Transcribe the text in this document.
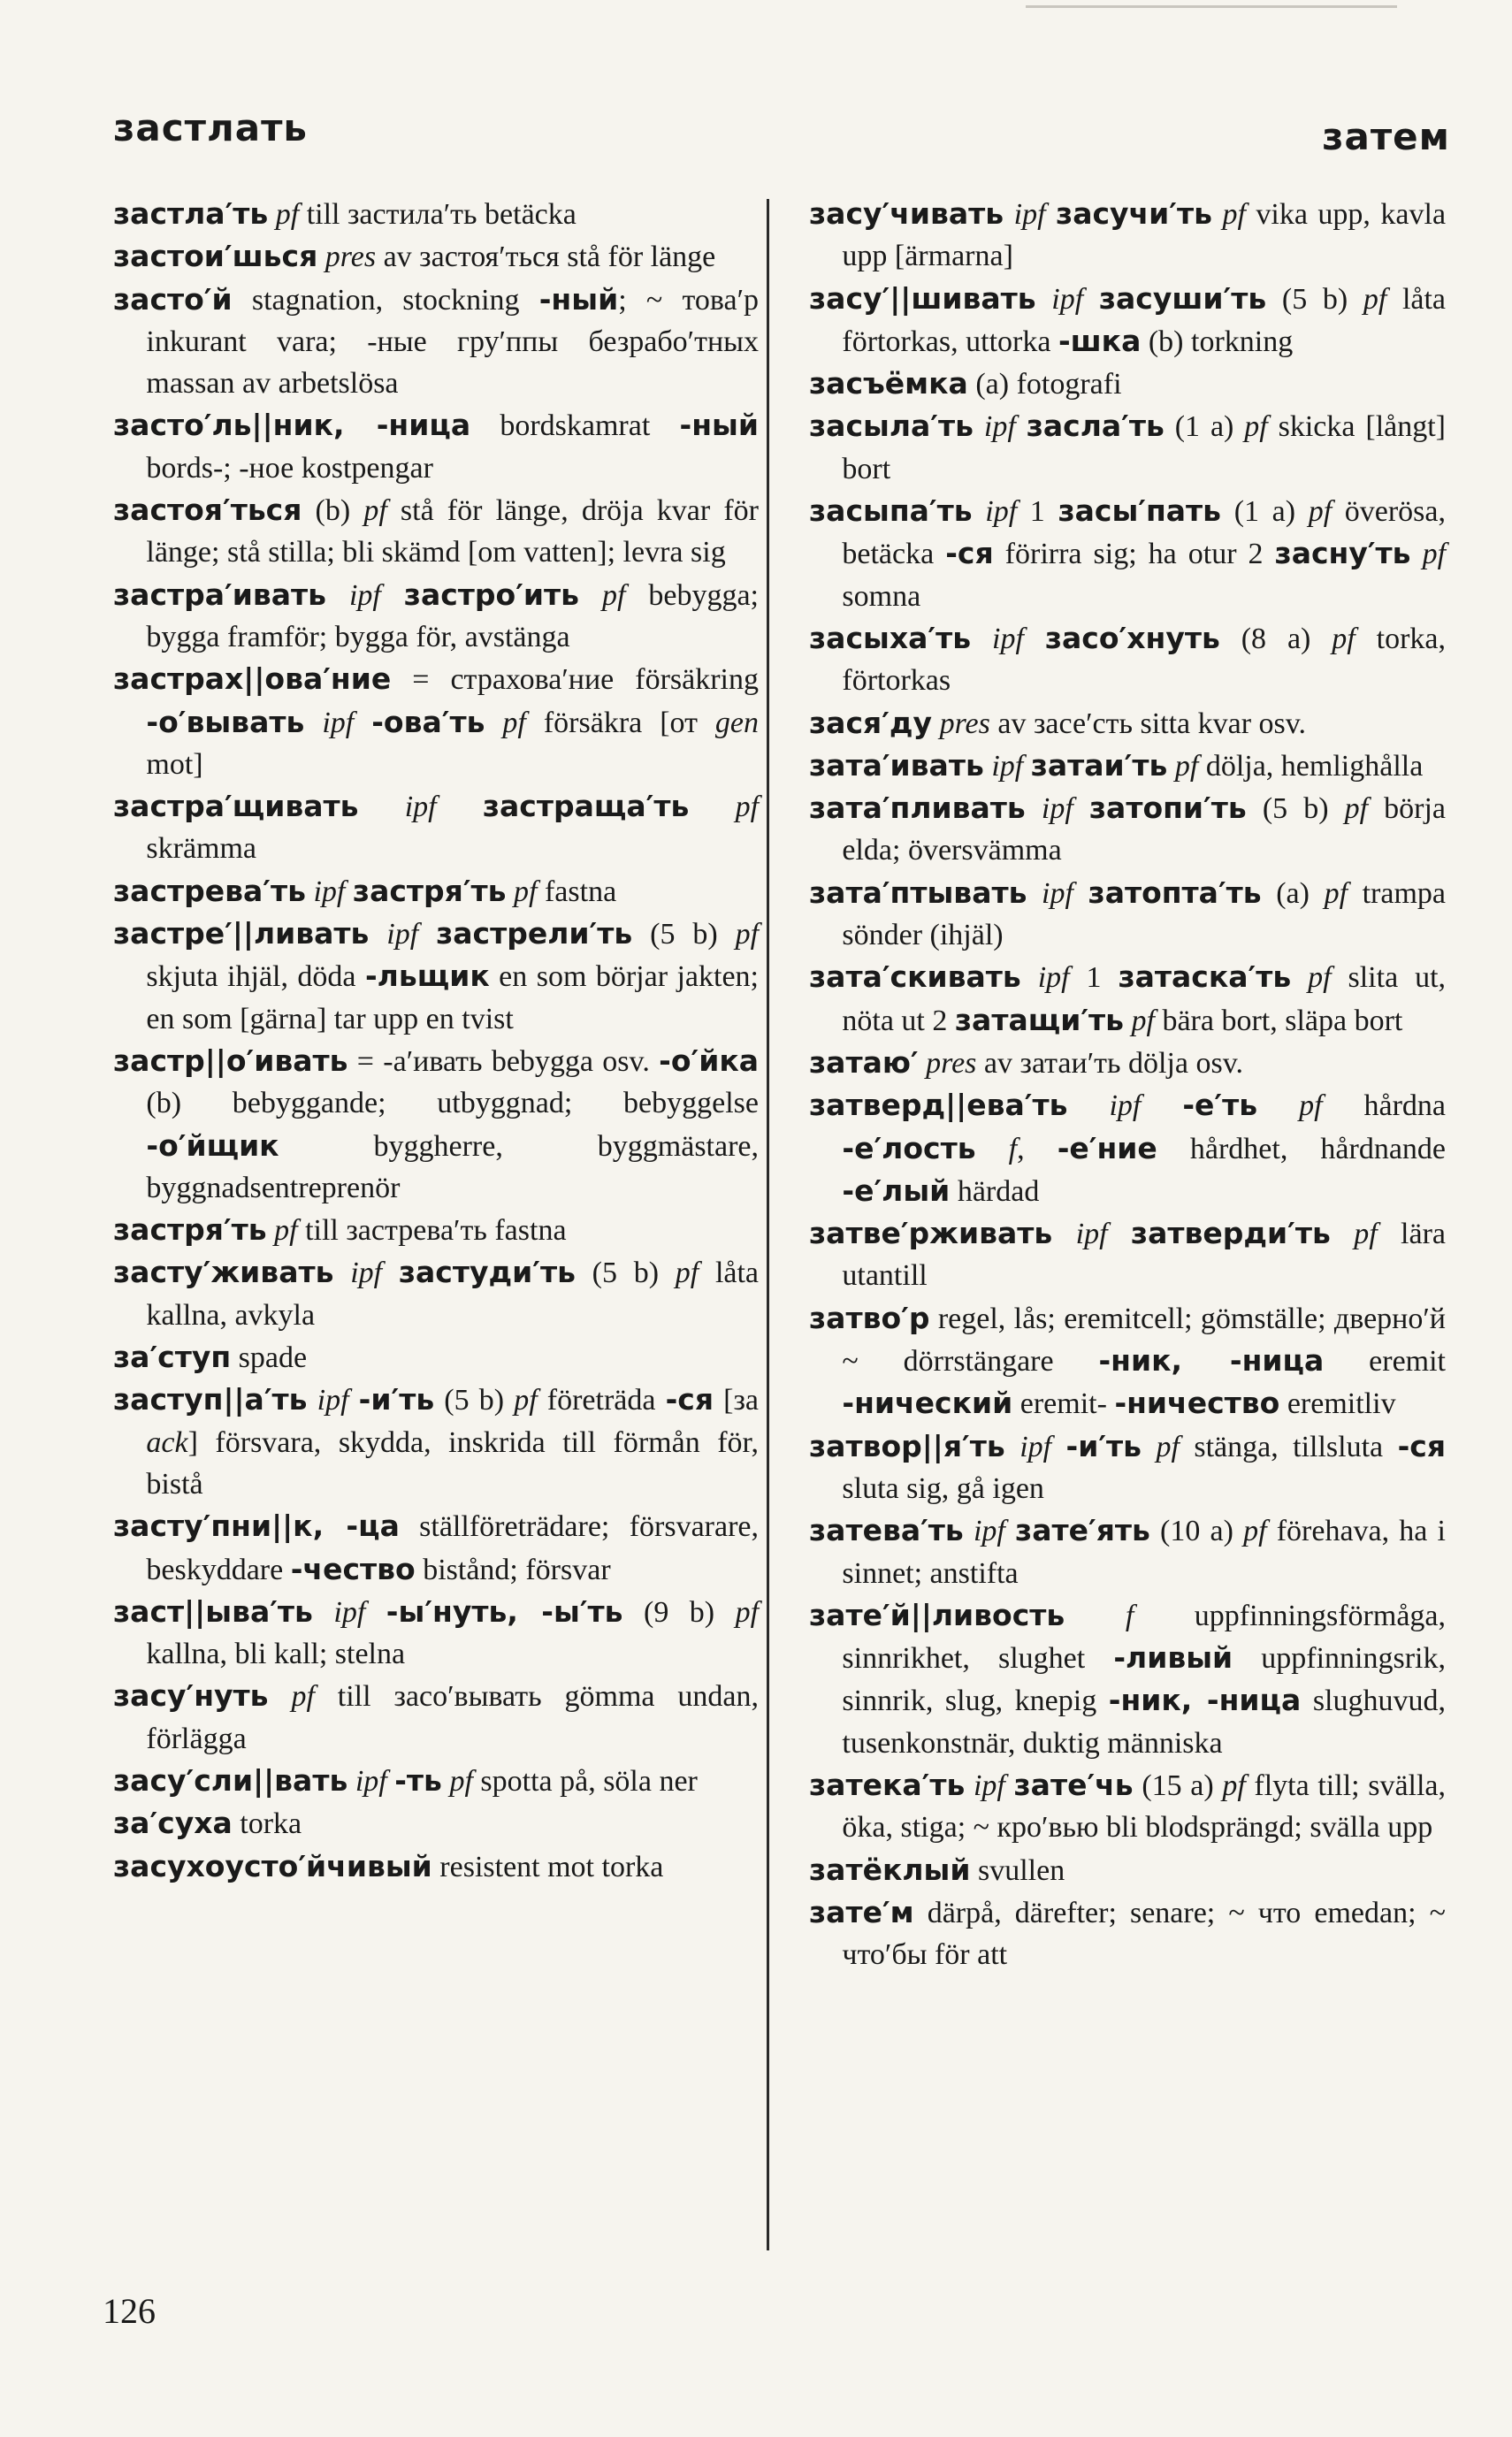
застлать	затем

застла′ть pf till застила′ть betäcka

застои′шься pres av застоя′ться stå för länge

засто′й stagnation, stockning -ный; ~ това′р inkurant vara; -ные гру′ппы безрабо′тных massan av arbetslösa

засто′ль||ник, -ница bordskamrat -ный bords-; -ное kostpengar

застоя′ться (b) pf stå för länge, dröja kvar för länge; stå stilla; bli skämd [om vatten]; levra sig

застра′ивать ipf застро′ить pf bebygga; bygga framför; bygga för, avstänga

застрах||ова′ние = страхова′ние försäkring -о′вывать ipf -ова′ть pf försäkra [от gen mot]

застра′щивать ipf застраща′ть pf skrämma

застрева′ть ipf застря′ть pf fastna

застре′||ливать ipf застрели′ть (5 b) pf skjuta ihjäl, döda -льщик en som börjar jakten; en som [gärna] tar upp en tvist

застр||о′ивать = -а′ивать bebygga osv. -о′йка (b) bebyggande; utbyggnad; bebyggelse -о′йщик byggherre, byggmästare, byggnadsentreprenör

застря′ть pf till застрева′ть fastna

засту′живать ipf застуди′ть (5 b) pf låta kallna, avkyla

за′ступ spade

заступ||а′ть ipf -и′ть (5 b) pf företräda -ся [за ack] försvara, skydda, inskrida till förmån för, bistå

засту′пни||к, -ца ställföreträdare; försvarare, beskyddare -чество bistånd; försvar

заст||ыва′ть ipf -ы′нуть, -ы′ть (9 b) pf kallna, bli kall; stelna

засу′нуть pf till засо′вывать gömma undan, förlägga

засу′сли||вать ipf -ть pf spotta på, söla ner

за′суха torka

засухоусто′йчивый resistent mot torka

засу′чивать ipf засучи′ть pf vika upp, kavla upp [ärmarna]

засу′||шивать ipf засуши′ть (5 b) pf låta förtorkas, uttorka -шка (b) torkning

засъёмка (a) fotografi

засыла′ть ipf засла′ть (1 a) pf skicka [långt] bort

засыпа′ть ipf 1 засы′пать (1 a) pf överösa, betäcka -ся förirra sig; ha otur 2 засну′ть pf somna

засыха′ть ipf засо′хнуть (8 a) pf torka, förtorkas

зася′ду pres av засе′сть sitta kvar osv.

зата′ивать ipf затаи′ть pf dölja, hemlighålla

зата′пливать ipf затопи′ть (5 b) pf börja elda; översvämma

зата′птывать ipf затопта′ть (a) pf trampa sönder (ihjäl)

зата′скивать ipf 1 затаска′ть pf slita ut, nöta ut 2 затащи′ть pf bära bort, släpa bort

затаю′ pres av затаи′ть dölja osv.

затверд||ева′ть ipf -е′ть pf hårdna -е′лость f, -е′ние hårdhet, hårdnande -е′лый härdad

затве′рживать ipf затверди′ть pf lära utantill

затво′р regel, lås; eremitcell; gömställe; дверно′й ~ dörrstängare -ник, -ница eremit -нический eremit- -ничество eremitliv

затвор||я′ть ipf -и′ть pf stänga, tillsluta -ся sluta sig, gå igen

затева′ть ipf зате′ять (10 a) pf förehava, ha i sinnet; anstifta

зате′й||ливость f uppfinningsförmåga, sinnrikhet, slughet -ливый uppfinningsrik, sinnrik, slug, knepig -ник, -ница slughuvud, tusenkonstnär, duktig människa

затека′ть ipf зате′чь (15 a) pf flyta till; svälla, öka, stiga; ~ кро′вью bli blodsprängd; svälla upp

затёклый svullen

зате′м därpå, därefter; senare; ~ что emedan; ~ что′бы för att

126
